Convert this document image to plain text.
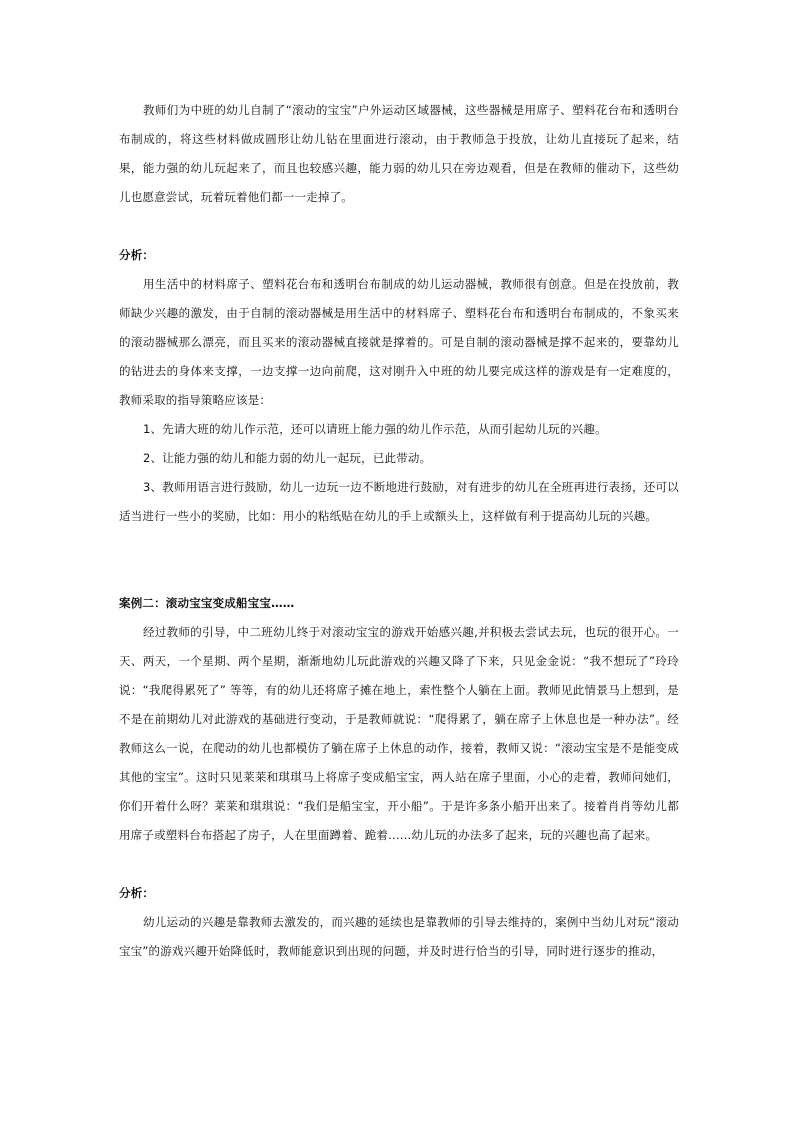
教师们为中班的幼儿自制了“滚动的宝宝”户外运动区域器械，这些器械是用席子、塑料花台布和透明台布制成的，将这些材料做成圆形让幼儿钻在里面进行滚动，由于教师急于投放，让幼儿直接玩了起来，结果，能力强的幼儿玩起来了，而且也较感兴趣，能力弱的幼儿只在旁边观看，但是在教师的催动下，这些幼儿也愿意尝试，玩着玩着他们都一一走掉了。

分析：

用生活中的材料席子、塑料花台布和透明台布制成的幼儿运动器械，教师很有创意。但是在投放前，教师缺少兴趣的激发，由于自制的滚动器械是用生活中的材料席子、塑料花台布和透明台布制成的，不象买来的滚动器械那么漂亮，而且买来的滚动器械直接就是撑着的。可是自制的滚动器械是撑不起来的，要靠幼儿的钻进去的身体来支撑，一边支撑一边向前爬，这对刚升入中班的幼儿要完成这样的游戏是有一定难度的，教师采取的指导策略应该是：

1、先请大班的幼儿作示范，还可以请班上能力强的幼儿作示范，从而引起幼儿玩的兴趣。

2、让能力强的幼儿和能力弱的幼儿一起玩，已此带动。

3、教师用语言进行鼓励，幼儿一边玩一边不断地进行鼓励，对有进步的幼儿在全班再进行表扬，还可以适当进行一些小的奖励，比如：用小的粘纸贴在幼儿的手上或额头上，这样做有利于提高幼儿玩的兴趣。

案例二：滚动宝宝变成船宝宝……

经过教师的引导，中二班幼儿终于对滚动宝宝的游戏开始感兴趣,并积极去尝试去玩，也玩的很开心。一天、两天，一个星期、两个星期，渐渐地幼儿玩此游戏的兴趣又降了下来，只见金金说：“我不想玩了”玲玲说：“我爬得累死了” 等等，有的幼儿还将席子摊在地上，索性整个人躺在上面。教师见此情景马上想到，是不是在前期幼儿对此游戏的基础进行变动，于是教师就说：“爬得累了，躺在席子上休息也是一种办法”。经教师这么一说，在爬动的幼儿也都模仿了躺在席子上休息的动作，接着，教师又说：“滚动宝宝是不是能变成其他的宝宝”。这时只见莱莱和琪琪马上将席子变成船宝宝，两人站在席子里面，小心的走着，教师问她们，你们开着什么呀？莱莱和琪琪说：“我们是船宝宝，开小船”。于是许多条小船开出来了。接着肖肖等幼儿都用席子或塑料台布搭起了房子，人在里面蹲着、跪着……幼儿玩的办法多了起来，玩的兴趣也高了起来。

分析：

幼儿运动的兴趣是靠教师去激发的，而兴趣的延续也是靠教师的引导去维持的，案例中当幼儿对玩“滚动宝宝”的游戏兴趣开始降低时，教师能意识到出现的问题，并及时进行恰当的引导，同时进行逐步的推动，
